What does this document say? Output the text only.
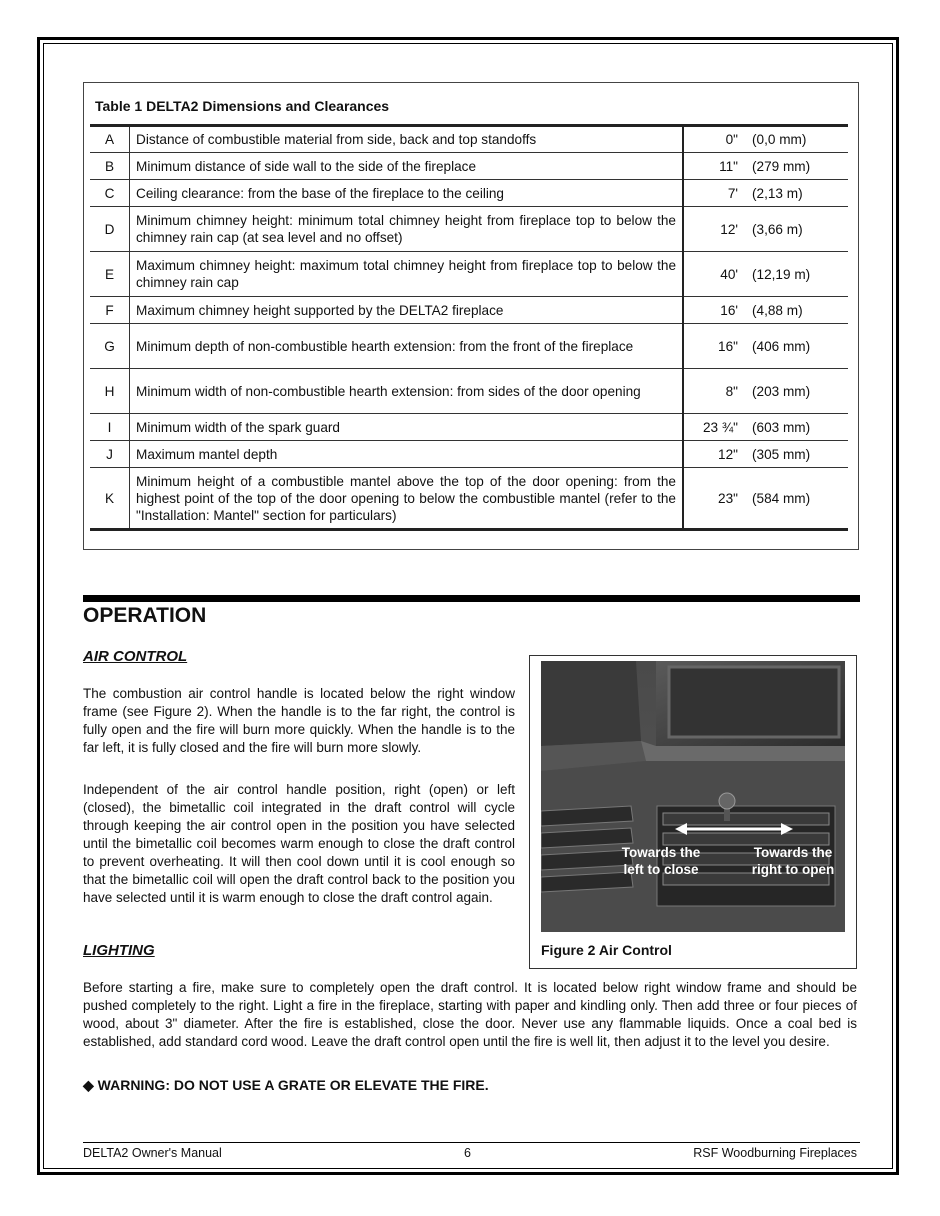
Table 1 DELTA2 Dimensions and Clearances
A	Distance of combustible material from side, back and top standoffs	0"	(0,0 mm)
B	Minimum distance of side wall to the side of the fireplace	11"	(279 mm)
C	Ceiling clearance: from the base of the fireplace to the ceiling	7'	(2,13 m)
D	Minimum chimney height: minimum total chimney height from fireplace top to below the chimney rain cap (at sea level and no offset)	12'	(3,66 m)
E	Maximum chimney height: maximum total chimney height from fireplace top to below the chimney rain cap	40'	(12,19 m)
F	Maximum chimney height supported by the DELTA2 fireplace	16'	(4,88 m)
G	Minimum depth of non-combustible hearth extension: from the front of the fireplace	16"	(406 mm)
H	Minimum width of non-combustible hearth extension: from sides of the door opening	8"	(203 mm)
I	Minimum width of the spark guard	23 ¾"	(603 mm)
J	Maximum mantel depth	12"	(305 mm)
K	Minimum height of a combustible mantel above the top of the door opening: from the highest point of the top of the door opening to below the combustible mantel (refer to the "Installation: Mantel" section for particulars)	23"	(584 mm)
OPERATION
AIR CONTROL

The combustion air control handle is located below the right window frame (see Figure 2). When the handle is to the far right, the control is fully open and the fire will burn more quickly. When the handle is to the far left, it is fully closed and the fire will burn more slowly.

Independent of the air control handle position, right (open) or left (closed), the bimetallic coil integrated in the draft control will cycle through keeping the air control open in the position you have selected until the bimetallic coil becomes warm enough to close the draft control to prevent overheating. It will then cool down until it is cool enough so that the bimetallic coil will open the draft control back to the position you have selected until it is warm enough to close the draft control again.

Towards the
left to close
Towards the
right to open
Figure 2 Air Control
LIGHTING

Before starting a fire, make sure to completely open the draft control. It is located below right window frame and should be pushed completely to the right. Light a fire in the fireplace, starting with paper and kindling only. Then add three or four pieces of wood, about 3" diameter. After the fire is established, close the door. Never use any flammable liquids. Once a coal bed is established, add standard cord wood. Leave the draft control open until the fire is well lit, then adjust it to the level you desire.

◆ WARNING: DO NOT USE A GRATE OR ELEVATE THE FIRE.
DELTA2 Owner's Manual	6	RSF Woodburning Fireplaces
